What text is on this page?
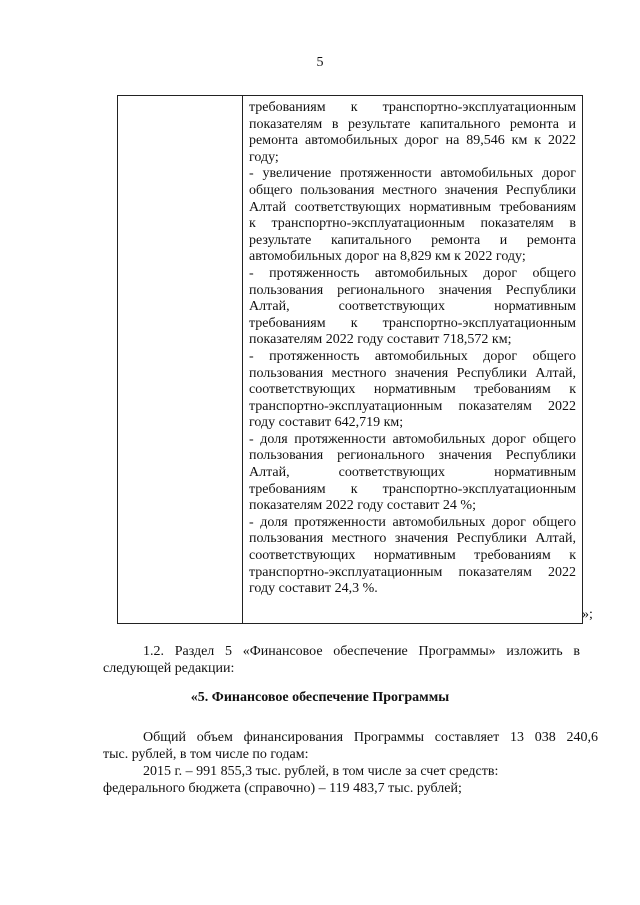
5
требованиям к транспортно-эксплуатационным
показателям в результате капитального ремонта и
ремонта автомобильных дорог на 89,546 км к 2022
году;
- увеличение протяженности автомобильных дорог
общего пользования местного значения Республики
Алтай соответствующих нормативным требованиям
к транспортно-эксплуатационным показателям в
результате капитального ремонта и ремонта
автомобильных дорог на 8,829 км к 2022 году;
- протяженность автомобильных дорог общего
пользования регионального значения Республики
Алтай, соответствующих нормативным
требованиям к транспортно-эксплуатационным
показателям 2022 году составит 718,572 км;
- протяженность автомобильных дорог общего
пользования местного значения Республики Алтай,
соответствующих нормативным требованиям к
транспортно-эксплуатационным показателям 2022
году составит 642,719 км;
- доля протяженности автомобильных дорог общего
пользования регионального значения Республики
Алтай, соответствующих нормативным
требованиям к транспортно-эксплуатационным
показателям 2022 году составит 24 %;
- доля протяженности автомобильных дорог общего
пользования местного значения Республики Алтай,
соответствующих нормативным требованиям к
транспортно-эксплуатационным показателям 2022
году составит 24,3 %.
»;
1.2. Раздел 5 «Финансовое обеспечение Программы» изложить в
следующей редакции:
«5. Финансовое обеспечение Программы
Общий объем финансирования Программы составляет 13 038 240,6
тыс. рублей, в том числе по годам:
2015 г. – 991 855,3 тыс. рублей, в том числе за счет средств:
федерального бюджета (справочно) – 119 483,7 тыс. рублей;
